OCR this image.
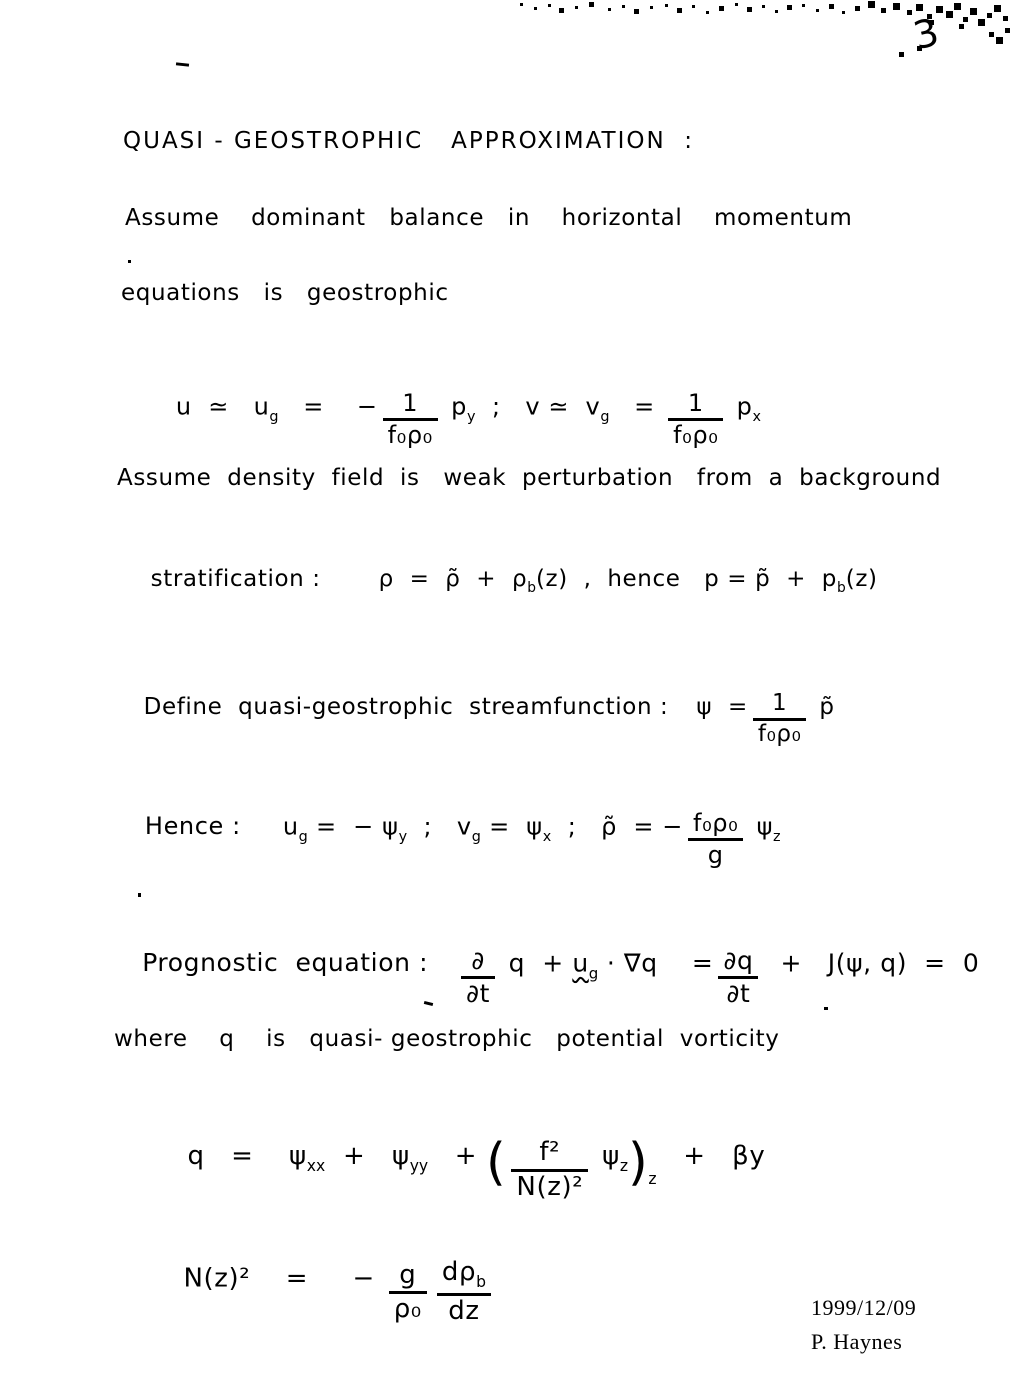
3
QUASI - GEOSTROPHIC   APPROXIMATION  :
Assume    dominant   balance   in    horizontal    momentum
equations   is   geostrophic

u  ≃   $u_g$   =    − $\frac{1}{\text{f₀ρ₀}} p_y$  ;   v ≃  $v_g = \frac{1}{\text{f₀ρ₀}} p_x$

Assume  density  field  is   weak  perturbation   from  a  background

stratification :	ρ  =  ρ̃  +  $\rho_b(z)$  ,  hence   p = p̃  +  $p_b(z)$

Define  quasi-geostrophic  streamfunction : $\psi = \frac{1}{\text{f₀ρ₀}}$ p̃

Hence : $u_g$ =  − $\psi_y$  ;   $v_g = \psi_x$  ;   ρ̃  = − $\frac{\text{f₀ρ₀}}{g} \psi_z$

Prognostic  equation : $\frac{\partial}{\partial t}$ $q + u_g \cdot \nabla q$    = $\frac{\partial q}{\partial t} + J(\psi$, q)  =  0

where    q    is   quasi- geostrophic   potential  vorticity

q   =    $\psi_{xx} + \psi_{yy}$   + ( $\frac{\text{f²}}{\text{N(z)²}} \psi_z)_z + \beta y$

N(z)²    =     − $\frac{g}{\text{ρ₀}} \frac{d\rho_b}{dz}$

	1999/12/09
P. Haynes
